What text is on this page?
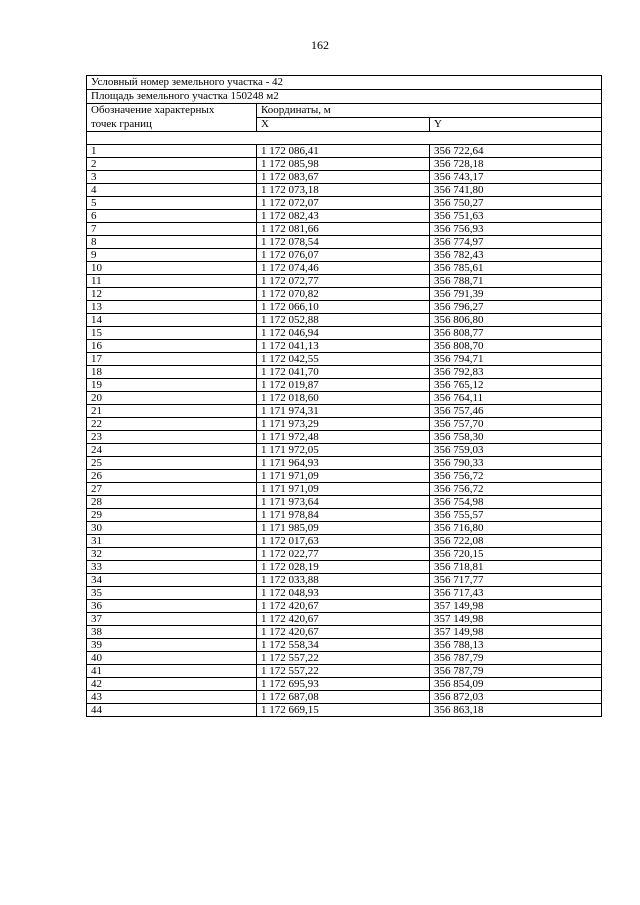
162
Условный номер земельного участка - 42		
Площадь земельного участка 150248 м2		
Обозначение характерных	Координаты, м	
точек границ	X	Y

1	1 172 086,41	356 722,64
2	1 172 085,98	356 728,18
3	1 172 083,67	356 743,17
4	1 172 073,18	356 741,80
5	1 172 072,07	356 750,27
6	1 172 082,43	356 751,63
7	1 172 081,66	356 756,93
8	1 172 078,54	356 774,97
9	1 172 076,07	356 782,43
10	1 172 074,46	356 785,61
11	1 172 072,77	356 788,71
12	1 172 070,82	356 791,39
13	1 172 066,10	356 796,27
14	1 172 052,88	356 806,80
15	1 172 046,94	356 808,77
16	1 172 041,13	356 808,70
17	1 172 042,55	356 794,71
18	1 172 041,70	356 792,83
19	1 172 019,87	356 765,12
20	1 172 018,60	356 764,11
21	1 171 974,31	356 757,46
22	1 171 973,29	356 757,70
23	1 171 972,48	356 758,30
24	1 171 972,05	356 759,03
25	1 171 964,93	356 790,33
26	1 171 971,09	356 756,72
27	1 171 971,09	356 756,72
28	1 171 973,64	356 754,98
29	1 171 978,84	356 755,57
30	1 171 985,09	356 716,80
31	1 172 017,63	356 722,08
32	1 172 022,77	356 720,15
33	1 172 028,19	356 718,81
34	1 172 033,88	356 717,77
35	1 172 048,93	356 717,43
36	1 172 420,67	357 149,98
37	1 172 420,67	357 149,98
38	1 172 420,67	357 149,98
39	1 172 558,34	356 788,13
40	1 172 557,22	356 787,79
41	1 172 557,22	356 787,79
42	1 172 695,93	356 854,09
43	1 172 687,08	356 872,03
44	1 172 669,15	356 863,18
